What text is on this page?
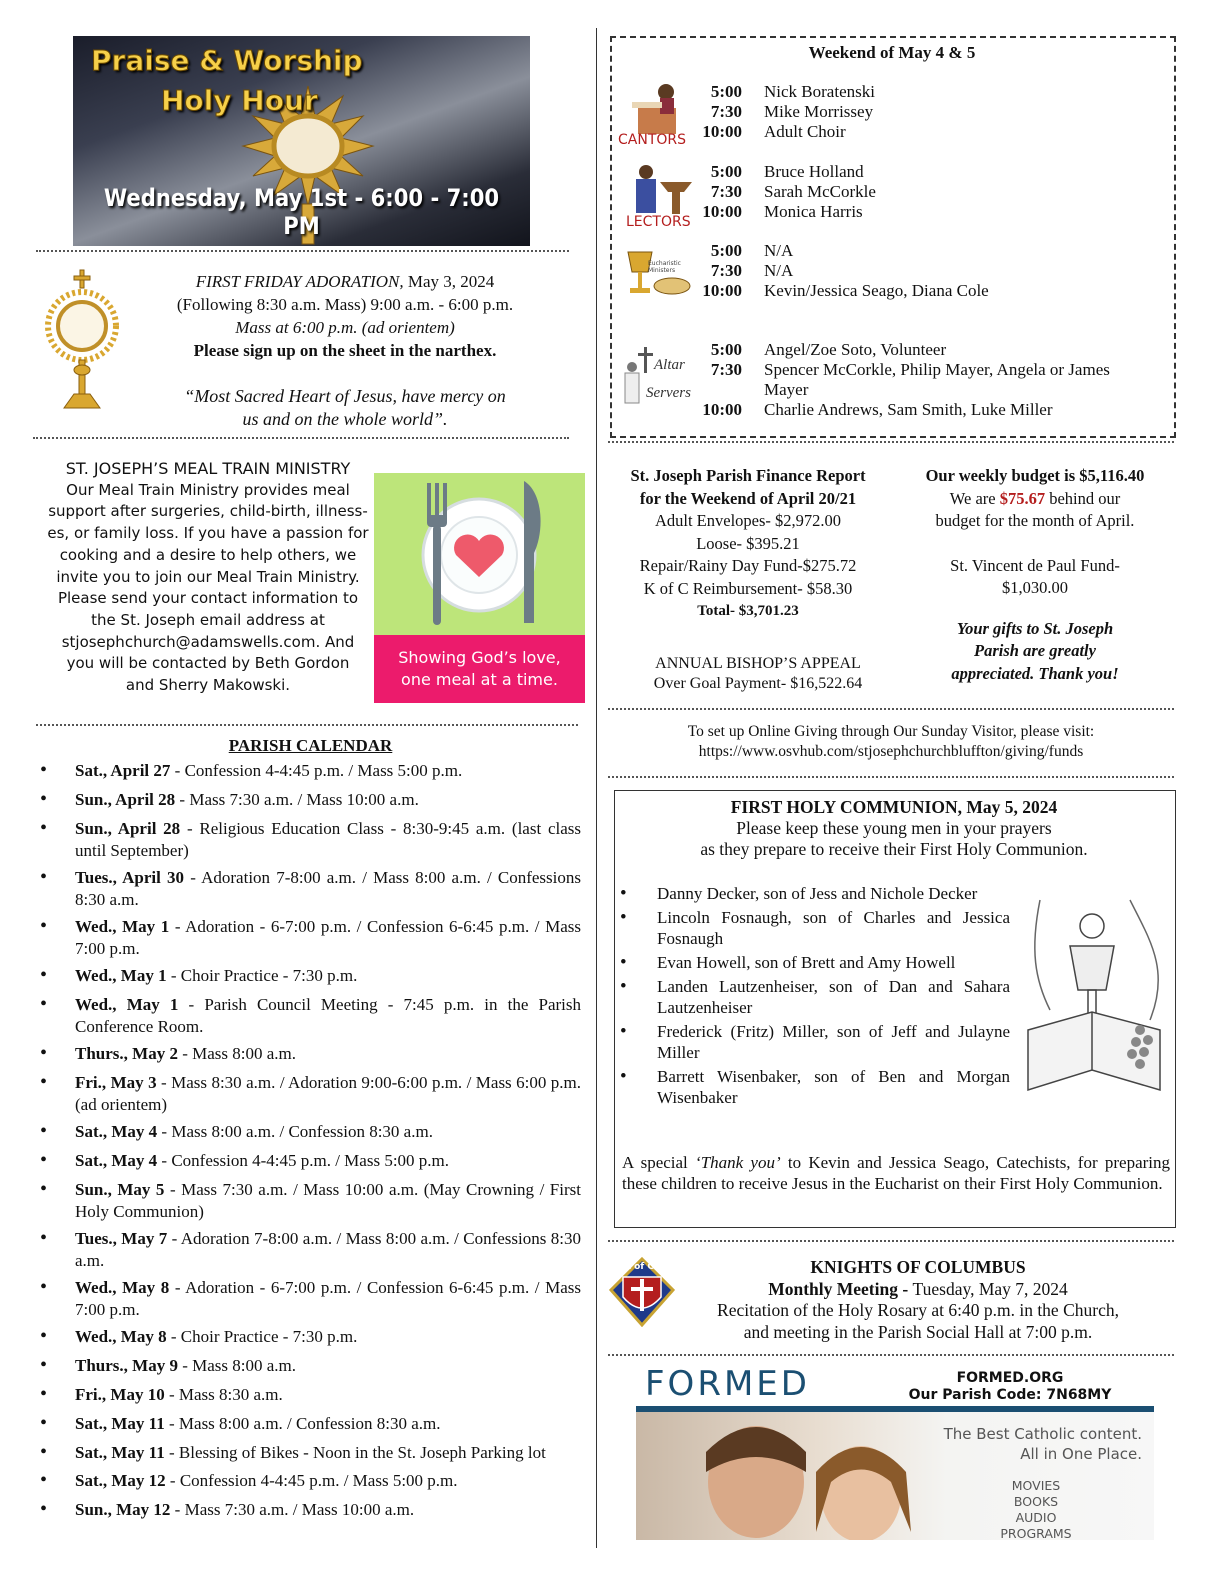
Praise & Worship
Holy Hour
Wednesday, May 1st - 6:00 - 7:00 PM
FIRST FRIDAY ADORATION, May 3, 2024
(Following 8:30 a.m. Mass) 9:00 a.m. - 6:00 p.m.
Mass at 6:00 p.m. (ad orientem)
Please sign up on the sheet in the narthex.
“Most Sacred Heart of Jesus, have mercy on
us and on the whole world”.
ST. JOSEPH’S MEAL TRAIN MINISTRY
Our Meal Train Ministry provides meal
support after surgeries, child-birth, illness-
es, or family loss. If you have a passion for
cooking and a desire to help others, we
invite you to join our Meal Train Ministry.
Please send your contact information to
the St. Joseph email address at
stjosephchurch@adamswells.com. And
you will be contacted by Beth Gordon
and Sherry Makowski.
Showing God’s love,
one meal at a time.
PARISH CALENDAR
• Sat., April 27 - Confession 4-4:45 p.m. / Mass 5:00 p.m.
• Sun., April 28 - Mass 7:30 a.m. / Mass 10:00 a.m.
• Sun., April 28 - Religious Education Class - 8:30-9:45 a.m. (last class until September)
• Tues., April 30 - Adoration 7-8:00 a.m. / Mass 8:00 a.m. / Confessions 8:30 a.m.
• Wed., May 1 - Adoration - 6-7:00 p.m. / Confession 6-6:45 p.m. / Mass 7:00 p.m.
• Wed., May 1 - Choir Practice - 7:30 p.m.
• Wed., May 1 - Parish Council Meeting - 7:45 p.m. in the Parish Conference Room.
• Thurs., May 2 - Mass 8:00 a.m.
• Fri., May 3 - Mass 8:30 a.m. / Adoration 9:00-6:00 p.m. / Mass 6:00 p.m. (ad orientem)
• Sat., May 4 - Mass 8:00 a.m. / Confession 8:30 a.m.
• Sat., May 4 - Confession 4-4:45 p.m. / Mass 5:00 p.m.
• Sun., May 5 - Mass 7:30 a.m. / Mass 10:00 a.m. (May Crowning / First Holy Communion)
• Tues., May 7 - Adoration 7-8:00 a.m. / Mass 8:00 a.m. / Confessions 8:30 a.m.
• Wed., May 8 - Adoration - 6-7:00 p.m. / Confession 6-6:45 p.m. / Mass 7:00 p.m.
• Wed., May 8 - Choir Practice - 7:30 p.m.
• Thurs., May 9 - Mass 8:00 a.m.
• Fri., May 10 - Mass 8:30 a.m.
• Sat., May 11 - Mass 8:00 a.m. / Confession 8:30 a.m.
• Sat., May 11 - Blessing of Bikes - Noon in the St. Joseph Parking lot
• Sat., May 12 - Confession 4-4:45 p.m. / Mass 5:00 p.m.
• Sun., May 12 - Mass 7:30 a.m. / Mass 10:00 a.m.
Weekend of May 4 & 5
CANTORS
5:00 Nick Boratenski
7:30 Mike Morrissey
10:00 Adult Choir
LECTORS
5:00 Bruce Holland
7:30 Sarah McCorkle
10:00 Monica Harris
Eucharistic Ministers
5:00 N/A
7:30 N/A
10:00 Kevin/Jessica Seago, Diana Cole
Altar
Servers
5:00 Angel/Zoe Soto, Volunteer
7:30 Spencer McCorkle, Philip Mayer, Angela or James
Mayer
10:00 Charlie Andrews, Sam Smith, Luke Miller
St. Joseph Parish Finance Report
for the Weekend of April 20/21
Adult Envelopes- $2,972.00
Loose- $395.21
Repair/Rainy Day Fund-$275.72
K of C Reimbursement- $58.30
Total- $3,701.23
ANNUAL BISHOP’S APPEAL
Over Goal Payment- $16,522.64
Our weekly budget is $5,116.40
We are $75.67 behind our
budget for the month of April.
St. Vincent de Paul Fund-
$1,030.00
Your gifts to St. Joseph
Parish are greatly
appreciated. Thank you!
To set up Online Giving through Our Sunday Visitor, please visit:
https://www.osvhub.com/stjosephchurchbluffton/giving/funds
FIRST HOLY COMMUNION, May 5, 2024
Please keep these young men in your prayers
as they prepare to receive their First Holy Communion.
• Danny Decker, son of Jess and Nichole Decker
• Lincoln Fosnaugh, son of Charles and Jessica Fosnaugh
• Evan Howell, son of Brett and Amy Howell
• Landen Lautzenheiser, son of Dan and Sahara Lautzenheiser
• Frederick (Fritz) Miller, son of Jeff and Julayne Miller
• Barrett Wisenbaker, son of Ben and Morgan Wisenbaker
A special ‘Thank you’ to Kevin and Jessica Seago, Catechists, for preparing these children to receive Jesus in the Eucharist on their First Holy Communion.
K of C	KNIGHTS OF COLUMBUS
Monthly Meeting - Tuesday, May 7, 2024
Recitation of the Holy Rosary at 6:40 p.m. in the Church,
and meeting in the Parish Social Hall at 7:00 p.m.
FORMED	FORMED.ORG
Our Parish Code: 7N68MY
The Best Catholic content.
All in One Place.
MOVIES
BOOKS
AUDIO
PROGRAMS
